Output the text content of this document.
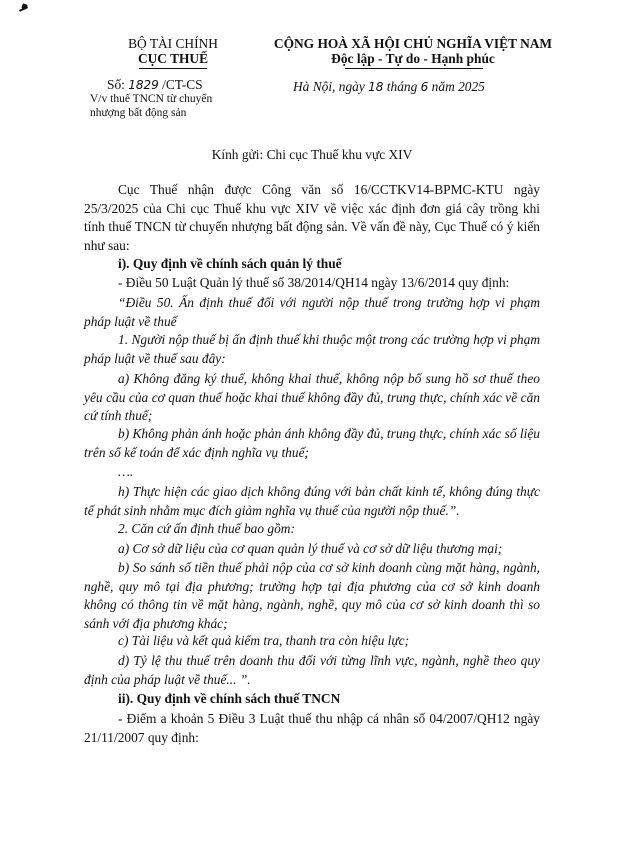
BỘ TÀI CHÍNH
CỤC THUẾ
Số: 1829 /CT-CS
V/v thuế TNCN từ chuyển
nhượng bất động sản
CỘNG HOÀ XÃ HỘI CHỦ NGHĨA VIỆT NAM
Độc lập - Tự do - Hạnh phúc
Hà Nội, ngày 18 tháng 6 năm 2025
Kính gửi: Chi cục Thuế khu vực XIV
Cục Thuế nhận được Công văn số 16/CCTKV14-BPMC-KTU ngày 25/3/2025 của Chi cục Thuế khu vực XIV về việc xác định đơn giá cây trồng khi tính thuế TNCN từ chuyển nhượng bất động sản. Về vấn đề này, Cục Thuế có ý kiến như sau:
i). Quy định về chính sách quản lý thuế
- Điều 50 Luật Quản lý thuế số 38/2014/QH14 ngày 13/6/2014 quy định:
“Điều 50. Ấn định thuế đối với người nộp thuế trong trường hợp vi phạm pháp luật về thuế
1. Người nộp thuế bị ấn định thuế khi thuộc một trong các trường hợp vi phạm pháp luật về thuế sau đây:
a) Không đăng ký thuế, không khai thuế, không nộp bổ sung hồ sơ thuế theo yêu cầu của cơ quan thuế hoặc khai thuế không đầy đủ, trung thực, chính xác về căn cứ tính thuế;
b) Không phản ánh hoặc phản ánh không đầy đủ, trung thực, chính xác số liệu trên sổ kế toán để xác định nghĩa vụ thuế;
….
h) Thực hiện các giao dịch không đúng với bản chất kinh tế, không đúng thực tế phát sinh nhằm mục đích giảm nghĩa vụ thuế của người nộp thuế.”.
2. Căn cứ ấn định thuế bao gồm:
a) Cơ sở dữ liệu của cơ quan quản lý thuế và cơ sở dữ liệu thương mại;
b) So sánh số tiền thuế phải nộp của cơ sở kinh doanh cùng mặt hàng, ngành, nghề, quy mô tại địa phương; trường hợp tại địa phương của cơ sở kinh doanh không có thông tin về mặt hàng, ngành, nghề, quy mô của cơ sở kinh doanh thì so sánh với địa phương khác;
c) Tài liệu và kết quả kiểm tra, thanh tra còn hiệu lực;
d) Tỷ lệ thu thuế trên doanh thu đối với từng lĩnh vực, ngành, nghề theo quy định của pháp luật về thuế... ”.
ii). Quy định về chính sách thuế TNCN
- Điểm a khoản 5 Điều 3 Luật thuế thu nhập cá nhân số 04/2007/QH12 ngày 21/11/2007 quy định:
